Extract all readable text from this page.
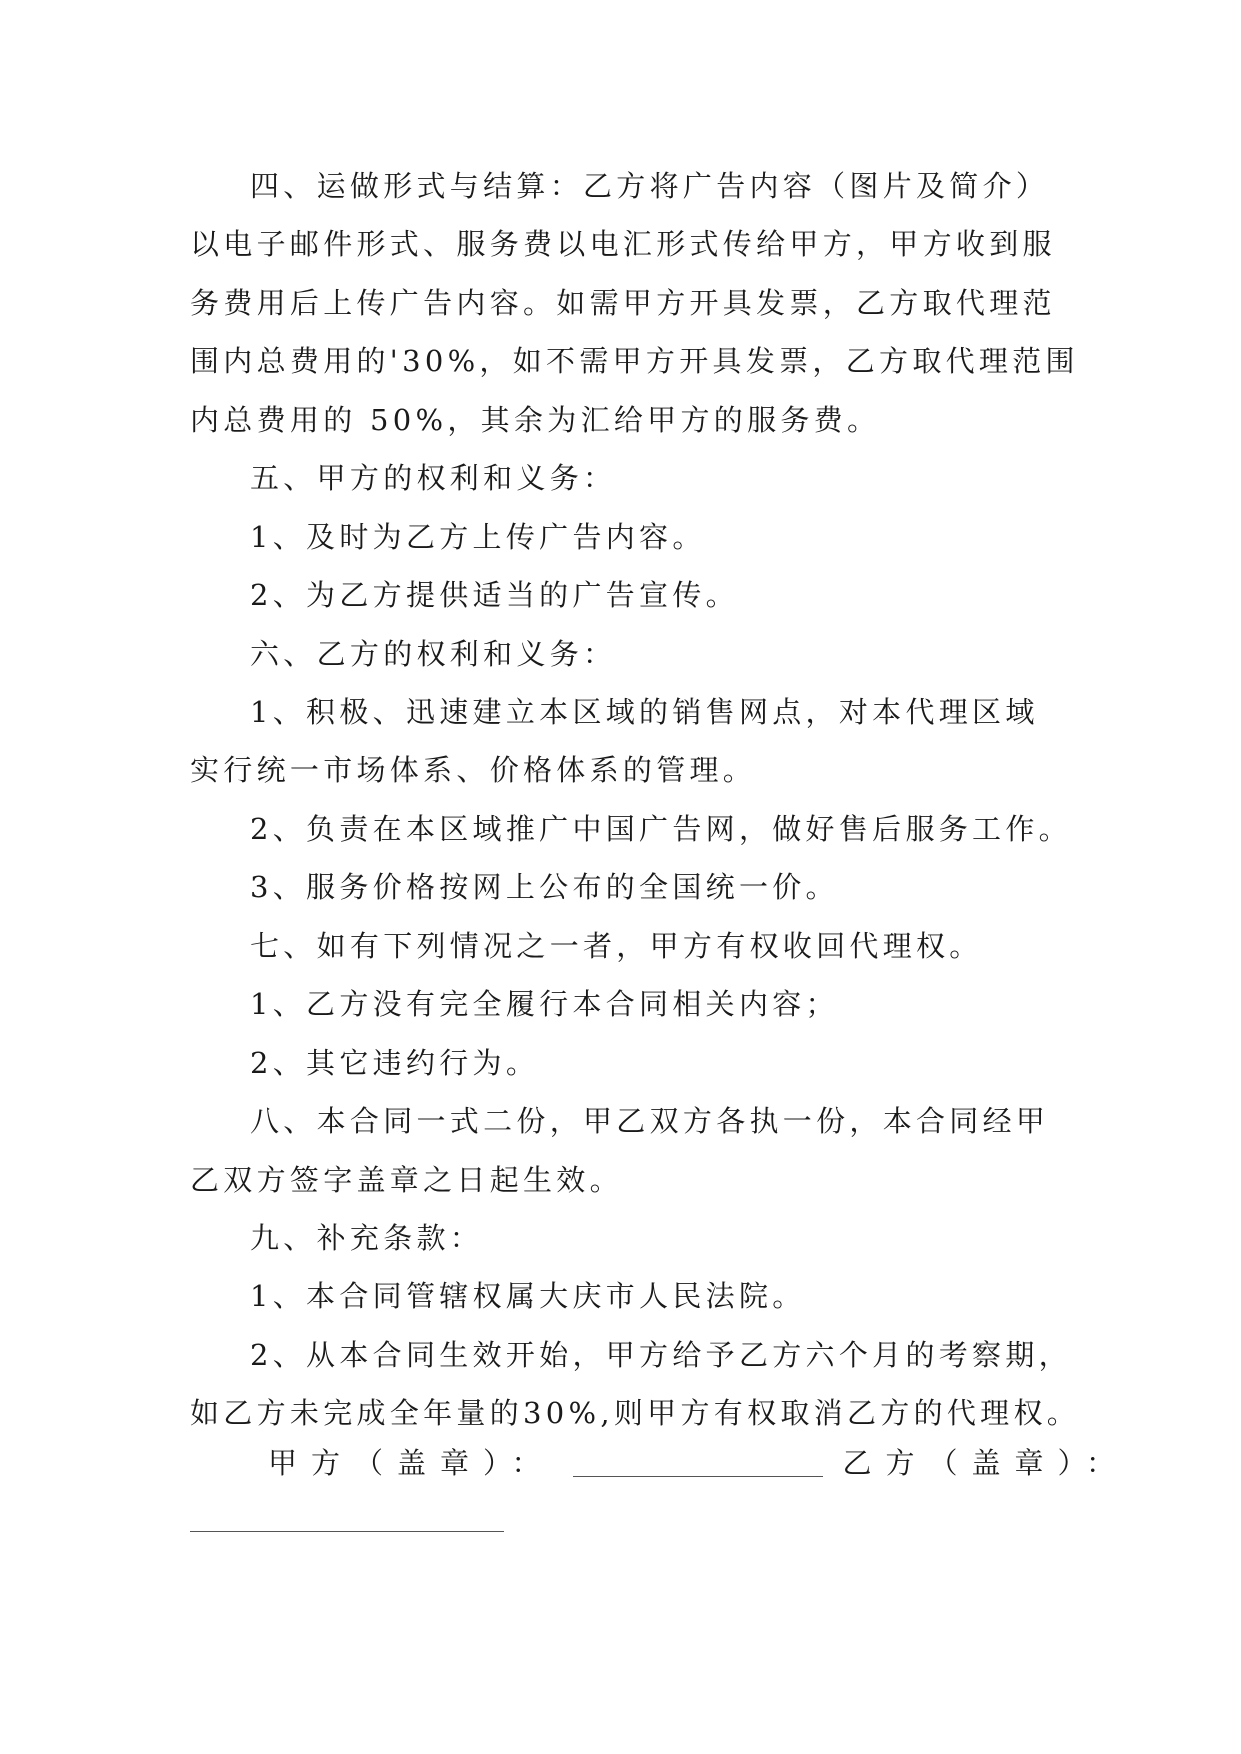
四、运做形式与结算：乙方将广告内容（图片及简介）
以电子邮件形式、服务费以电汇形式传给甲方，甲方收到服
务费用后上传广告内容。如需甲方开具发票，乙方取代理范
围内总费用的'30%，如不需甲方开具发票，乙方取代理范围
内总费用的 50%，其余为汇给甲方的服务费。
五、甲方的权利和义务：
1、及时为乙方上传广告内容。
2、为乙方提供适当的广告宣传。
六、乙方的权利和义务：
1、积极、迅速建立本区域的销售网点，对本代理区域
实行统一市场体系、价格体系的管理。
2、负责在本区域推广中国广告网，做好售后服务工作。
3、服务价格按网上公布的全国统一价。
七、如有下列情况之一者，甲方有权收回代理权。
1、乙方没有完全履行本合同相关内容；
2、其它违约行为。
八、本合同一式二份，甲乙双方各执一份，本合同经甲
乙双方签字盖章之日起生效。
九、补充条款：
1、本合同管辖权属大庆市人民法院。
2、从本合同生效开始，甲方给予乙方六个月的考察期，
如乙方未完成全年量的30%,则甲方有权取消乙方的代理权。
甲方（盖章）：	乙方（盖章）：
